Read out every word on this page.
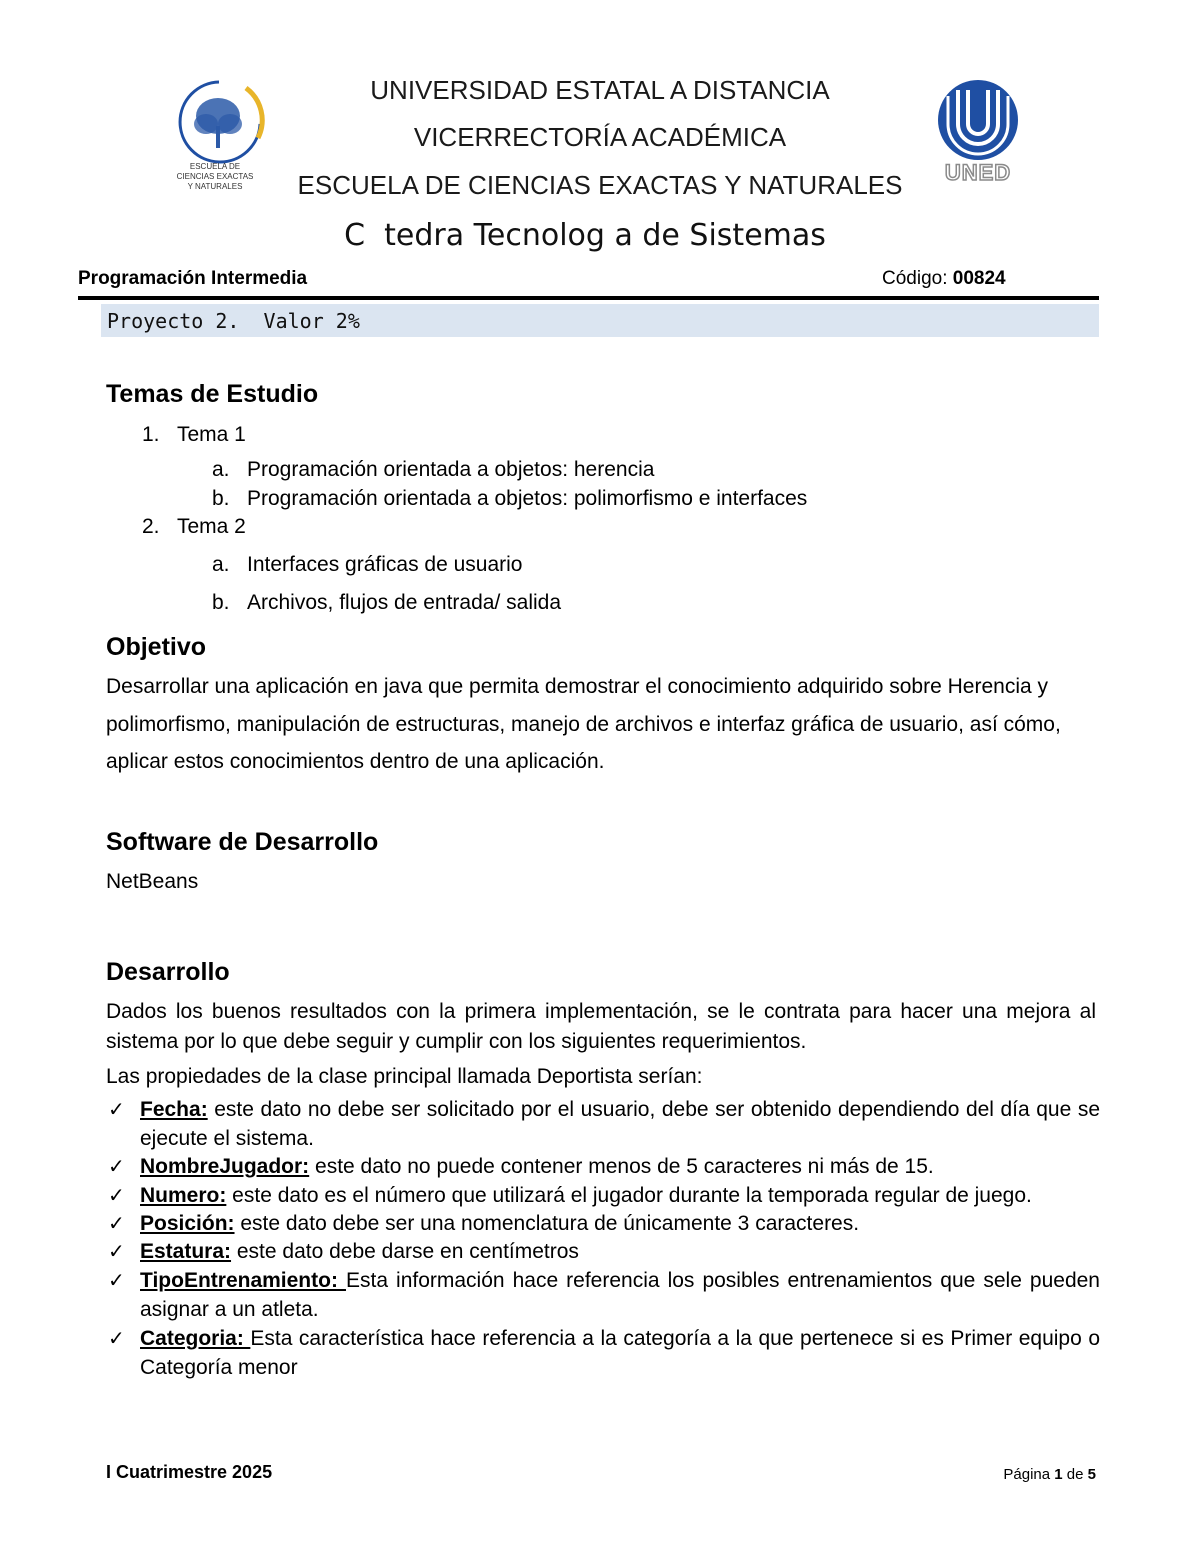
ESCUELA DE CIENCIAS EXACTAS Y NATURALES
UNED
UNIVERSIDAD ESTATAL A DISTANCIA
VICERRECTORÍA ACADÉMICA
ESCUELA DE CIENCIAS EXACTAS Y NATURALES
C  tedra Tecnolog a de Sistemas
Programación Intermedia	Código: 00824
Proyecto 2.  Valor 2%
Temas de Estudio
1. Tema 1
a. Programación orientada a objetos: herencia
b. Programación orientada a objetos: polimorfismo e interfaces
2. Tema 2
a. Interfaces gráficas de usuario
b. Archivos, flujos de entrada/ salida
Objetivo
Desarrollar una aplicación en java que permita demostrar el conocimiento adquirido sobre Herencia y
polimorfismo, manipulación de estructuras, manejo de archivos e interfaz gráfica de usuario, así cómo,
aplicar estos conocimientos dentro de una aplicación.
Software de Desarrollo
NetBeans
Desarrollo
Dados los buenos resultados con la primera implementación, se le contrata para hacer una mejora al sistema por lo que debe seguir y cumplir con los siguientes requerimientos.
Las propiedades de la clase principal llamada Deportista serían:
✓ Fecha: este dato no debe ser solicitado por el usuario, debe ser obtenido dependiendo del día que se ejecute el sistema.
✓ NombreJugador: este dato no puede contener menos de 5 caracteres ni más de 15.
✓ Numero: este dato es el número que utilizará el jugador durante la temporada regular de juego.
✓ Posición: este dato debe ser una nomenclatura de únicamente 3 caracteres.
✓ Estatura: este dato debe darse en centímetros
✓ TipoEntrenamiento: Esta información hace referencia los posibles entrenamientos que sele pueden asignar a un atleta.
✓ Categoria: Esta característica hace referencia a la categoría a la que pertenece si es Primer equipo o Categoría menor
I Cuatrimestre 2025	Página 1 de 5
